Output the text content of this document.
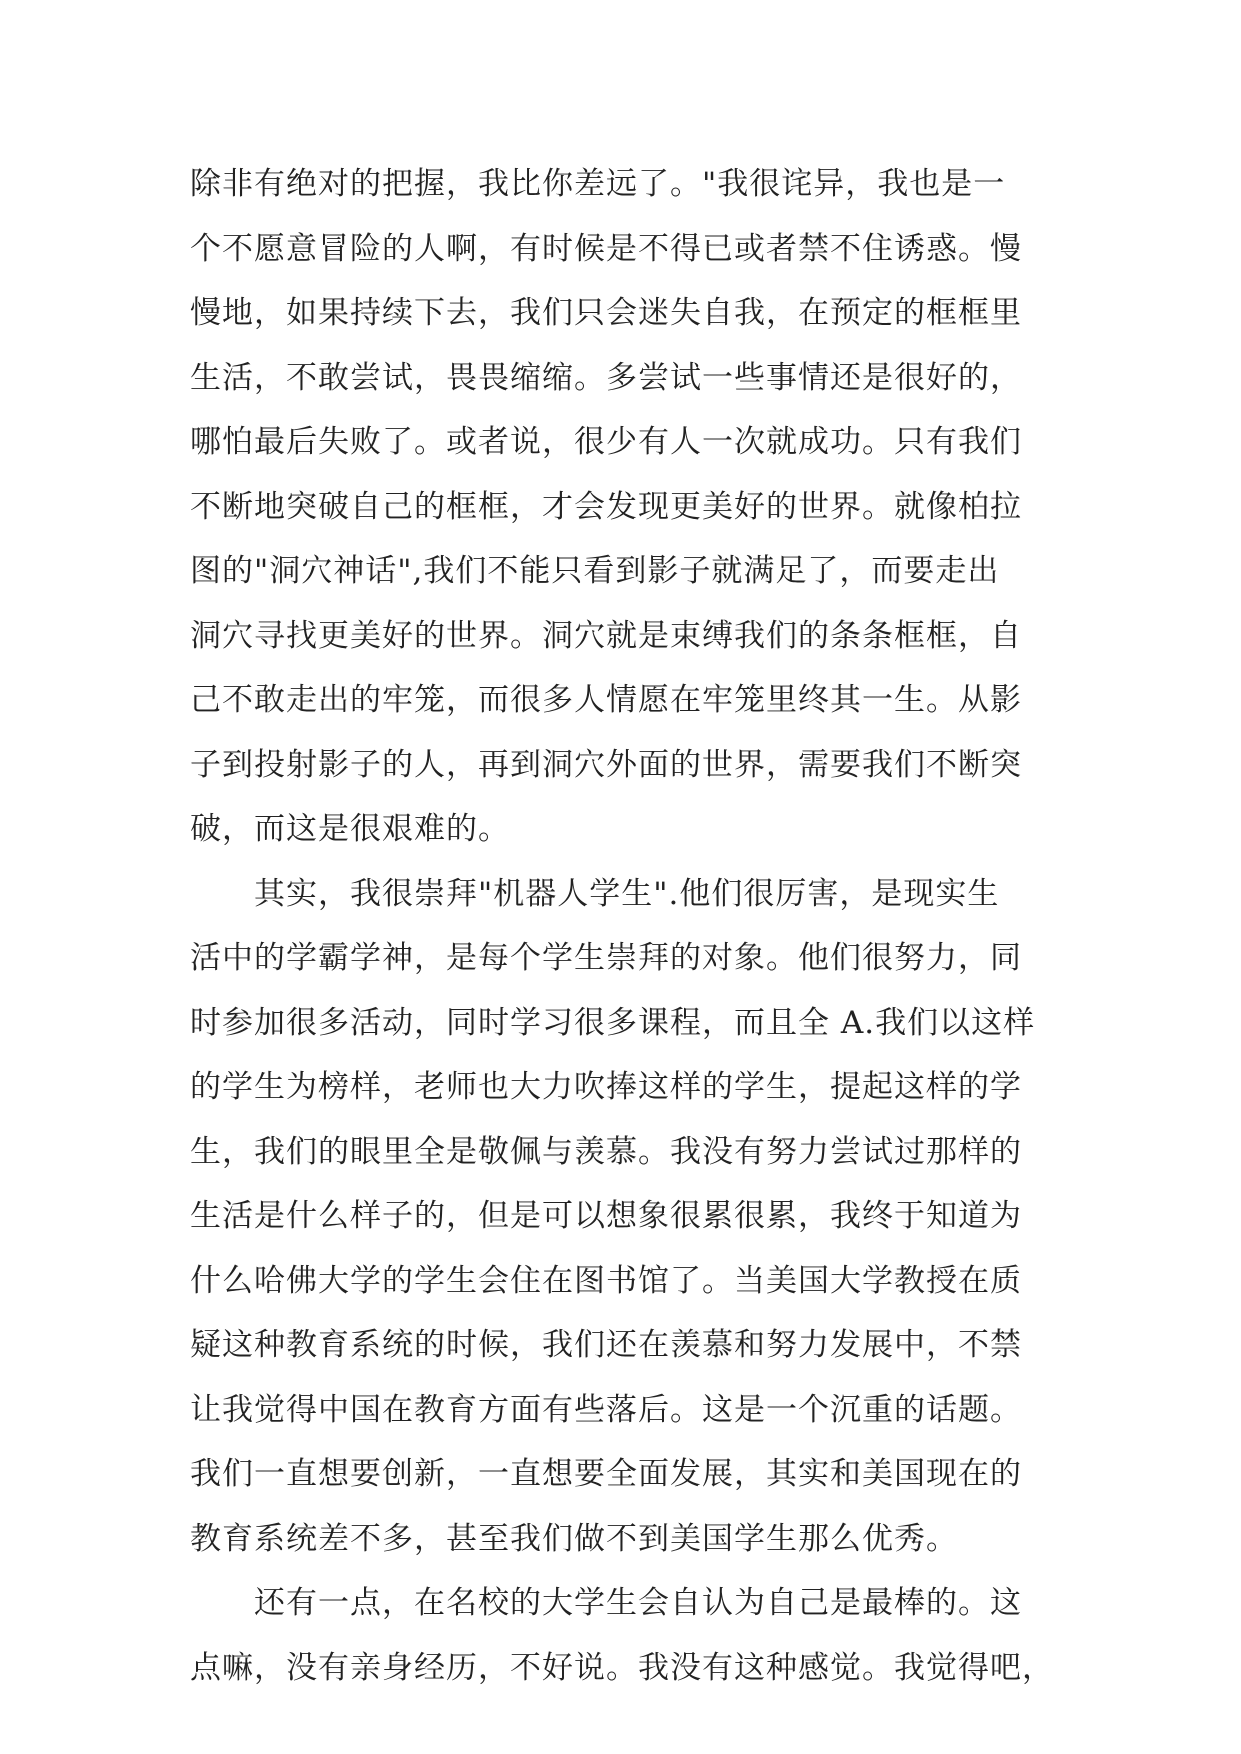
除非有绝对的把握，我比你差远了。"我很诧异，我也是一
个不愿意冒险的人啊，有时候是不得已或者禁不住诱惑。慢
慢地，如果持续下去，我们只会迷失自我，在预定的框框里
生活，不敢尝试，畏畏缩缩。多尝试一些事情还是很好的，
哪怕最后失败了。或者说，很少有人一次就成功。只有我们
不断地突破自己的框框，才会发现更美好的世界。就像柏拉
图的"洞穴神话",我们不能只看到影子就满足了，而要走出
洞穴寻找更美好的世界。洞穴就是束缚我们的条条框框，自
己不敢走出的牢笼，而很多人情愿在牢笼里终其一生。从影
子到投射影子的人，再到洞穴外面的世界，需要我们不断突
破，而这是很艰难的。
其实，我很崇拜"机器人学生".他们很厉害，是现实生
活中的学霸学神，是每个学生崇拜的对象。他们很努力，同
时参加很多活动，同时学习很多课程，而且全 A.我们以这样
的学生为榜样，老师也大力吹捧这样的学生，提起这样的学
生，我们的眼里全是敬佩与羡慕。我没有努力尝试过那样的
生活是什么样子的，但是可以想象很累很累，我终于知道为
什么哈佛大学的学生会住在图书馆了。当美国大学教授在质
疑这种教育系统的时候，我们还在羡慕和努力发展中，不禁
让我觉得中国在教育方面有些落后。这是一个沉重的话题。
我们一直想要创新，一直想要全面发展，其实和美国现在的
教育系统差不多，甚至我们做不到美国学生那么优秀。
还有一点，在名校的大学生会自认为自己是最棒的。这
点嘛，没有亲身经历，不好说。我没有这种感觉。我觉得吧，
